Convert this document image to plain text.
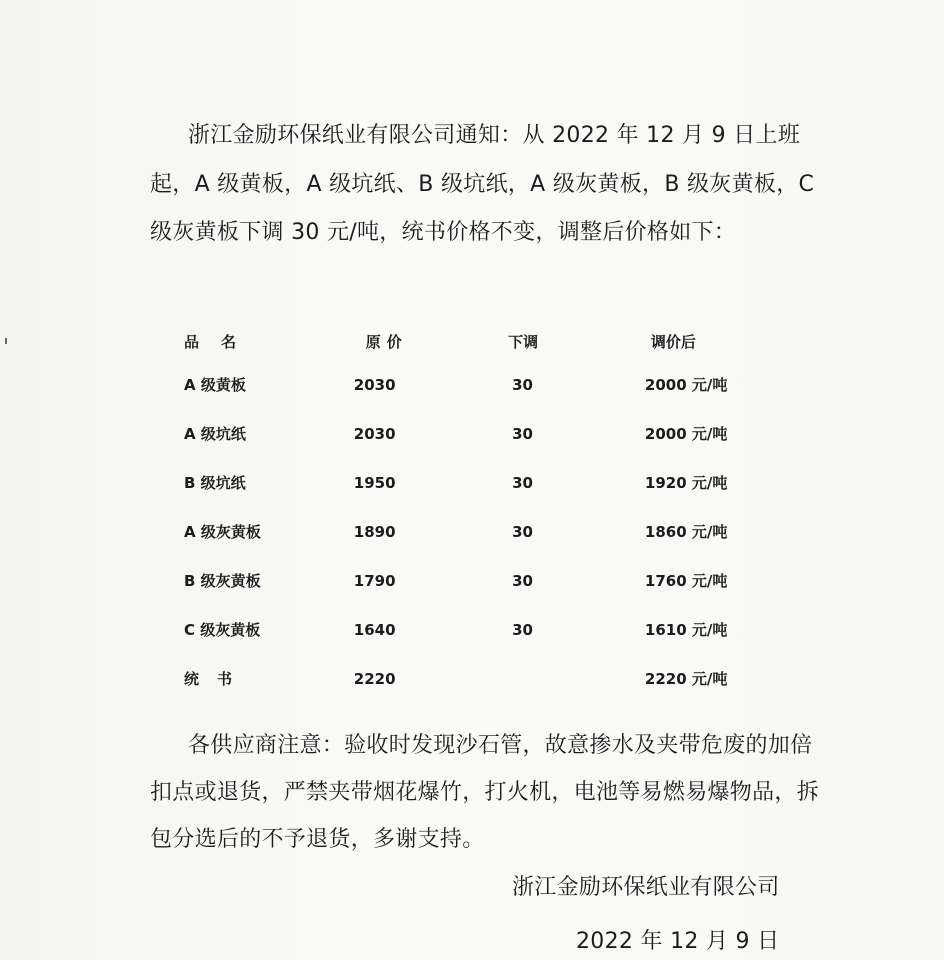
浙江金励环保纸业有限公司通知：从 2022 年 12 月 9 日上班起，A 级黄板，A 级坑纸、B 级坑纸，A 级灰黄板，B 级灰黄板，C 级灰黄板下调 30 元/吨，统书价格不变，调整后价格如下：

品名	原价	下调	调价后
A 级黄板	2030	30	2000 元/吨
A 级坑纸	2030	30	2000 元/吨
B 级坑纸	1950	30	1920 元/吨
A 级灰黄板	1890	30	1860 元/吨
B 级灰黄板	1790	30	1760 元/吨
C 级灰黄板	1640	30	1610 元/吨
统书	2220		2220 元/吨

各供应商注意：验收时发现沙石管，故意掺水及夹带危废的加倍扣点或退货，严禁夹带烟花爆竹，打火机，电池等易燃易爆物品，拆包分选后的不予退货，多谢支持。

浙江金励环保纸业有限公司
2022 年 12 月 9 日
